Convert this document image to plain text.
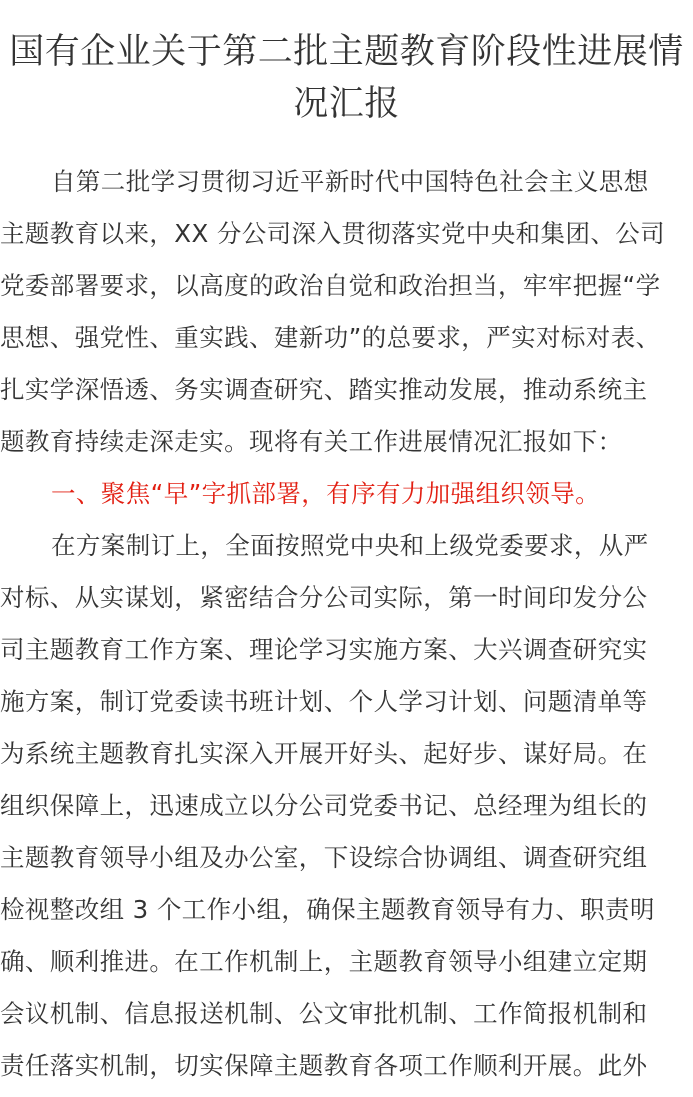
国有企业关于第二批主题教育阶段性进展情
况汇报
自第二批学习贯彻习近平新时代中国特色社会主义思想
主题教育以来，XX 分公司深入贯彻落实党中央和集团、公司
党委部署要求，以高度的政治自觉和政治担当，牢牢把握“学
思想、强党性、重实践、建新功”的总要求，严实对标对表、
扎实学深悟透、务实调查研究、踏实推动发展，推动系统主
题教育持续走深走实。现将有关工作进展情况汇报如下：
一、聚焦“早”字抓部署，有序有力加强组织领导。
在方案制订上，全面按照党中央和上级党委要求，从严
对标、从实谋划，紧密结合分公司实际，第一时间印发分公
司主题教育工作方案、理论学习实施方案、大兴调查研究实
施方案，制订党委读书班计划、个人学习计划、问题清单等
为系统主题教育扎实深入开展开好头、起好步、谋好局。在
组织保障上，迅速成立以分公司党委书记、总经理为组长的
主题教育领导小组及办公室，下设综合协调组、调查研究组
检视整改组 3 个工作小组，确保主题教育领导有力、职责明
确、顺利推进。在工作机制上，主题教育领导小组建立定期
会议机制、信息报送机制、公文审批机制、工作简报机制和
责任落实机制，切实保障主题教育各项工作顺利开展。此外
